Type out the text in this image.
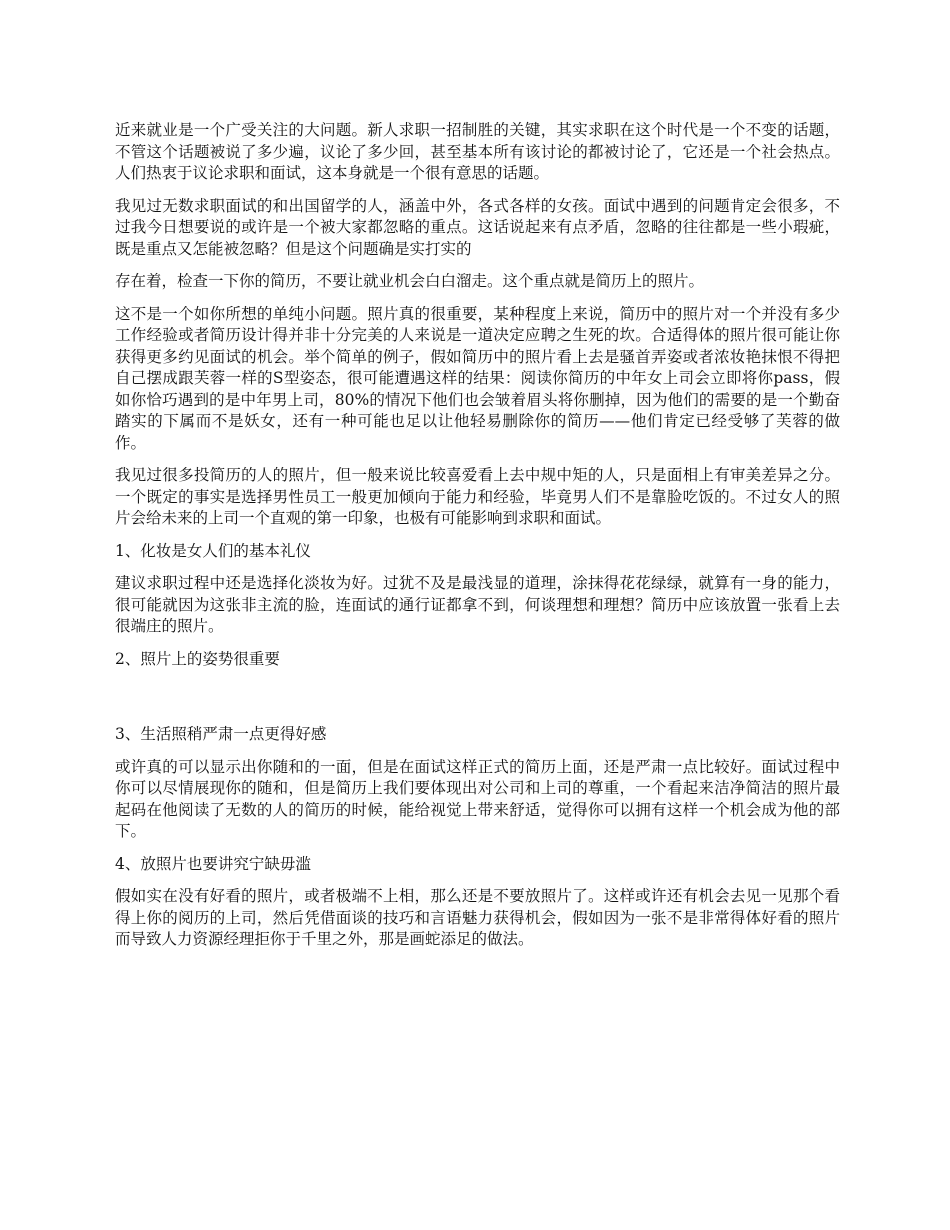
近来就业是一个广受关注的大问题。新人求职一招制胜的关键，其实求职在这个时代是一个不变的话题，不管这个话题被说了多少遍，议论了多少回，甚至基本所有该讨论的都被讨论了，它还是一个社会热点。人们热衷于议论求职和面试，这本身就是一个很有意思的话题。

我见过无数求职面试的和出国留学的人，涵盖中外，各式各样的女孩。面试中遇到的问题肯定会很多，不过我今日想要说的或许是一个被大家都忽略的重点。这话说起来有点矛盾，忽略的往往都是一些小瑕疵，既是重点又怎能被忽略？但是这个问题确是实打实的

存在着，检查一下你的简历，不要让就业机会白白溜走。这个重点就是简历上的照片。

这不是一个如你所想的单纯小问题。照片真的很重要，某种程度上来说，简历中的照片对一个并没有多少工作经验或者简历设计得并非十分完美的人来说是一道决定应聘之生死的坎。合适得体的照片很可能让你获得更多约见面试的机会。举个简单的例子，假如简历中的照片看上去是骚首弄姿或者浓妆艳抹恨不得把自己摆成跟芙蓉一样的S型姿态，很可能遭遇这样的结果：阅读你简历的中年女上司会立即将你pass，假如你恰巧遇到的是中年男上司，80%的情况下他们也会皱着眉头将你删掉，因为他们的需要的是一个勤奋踏实的下属而不是妖女，还有一种可能也足以让他轻易删除你的简历——他们肯定已经受够了芙蓉的做作。

我见过很多投简历的人的照片，但一般来说比较喜爱看上去中规中矩的人，只是面相上有审美差异之分。一个既定的事实是选择男性员工一般更加倾向于能力和经验，毕竟男人们不是靠脸吃饭的。不过女人的照片会给未来的上司一个直观的第一印象，也极有可能影响到求职和面试。

1、化妆是女人们的基本礼仪

建议求职过程中还是选择化淡妆为好。过犹不及是最浅显的道理，涂抹得花花绿绿，就算有一身的能力，很可能就因为这张非主流的脸，连面试的通行证都拿不到，何谈理想和理想？简历中应该放置一张看上去很端庄的照片。

2、照片上的姿势很重要

3、生活照稍严肃一点更得好感

或许真的可以显示出你随和的一面，但是在面试这样正式的简历上面，还是严肃一点比较好。面试过程中你可以尽情展现你的随和，但是简历上我们要体现出对公司和上司的尊重，一个看起来洁净简洁的照片最起码在他阅读了无数的人的简历的时候，能给视觉上带来舒适，觉得你可以拥有这样一个机会成为他的部下。

4、放照片也要讲究宁缺毋滥

假如实在没有好看的照片，或者极端不上相，那么还是不要放照片了。这样或许还有机会去见一见那个看得上你的阅历的上司，然后凭借面谈的技巧和言语魅力获得机会，假如因为一张不是非常得体好看的照片而导致人力资源经理拒你于千里之外，那是画蛇添足的做法。
